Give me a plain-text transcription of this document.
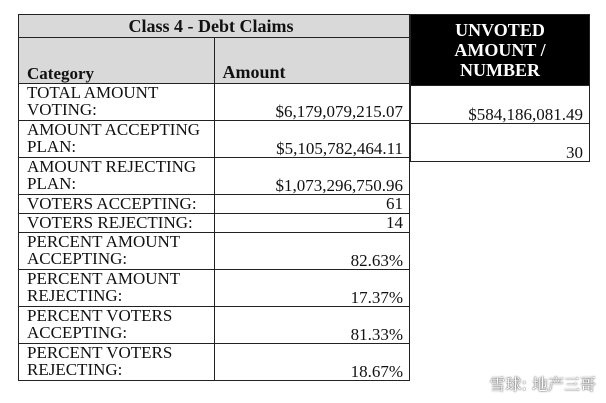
Class 4 - Debt Claims	
Category	Amount
TOTAL AMOUNT VOTING:	$6,179,079,215.07
AMOUNT ACCEPTING PLAN:	$5,105,782,464.11
AMOUNT REJECTING PLAN:	$1,073,296,750.96
VOTERS ACCEPTING:	61
VOTERS REJECTING:	14
PERCENT AMOUNT ACCEPTING:	82.63%
PERCENT AMOUNT REJECTING:	17.37%
PERCENT VOTERS ACCEPTING:	81.33%
PERCENT VOTERS REJECTING:	18.67%
UNVOTED AMOUNT / NUMBER
$584,186,081.49
30
雪球: 地产三哥
